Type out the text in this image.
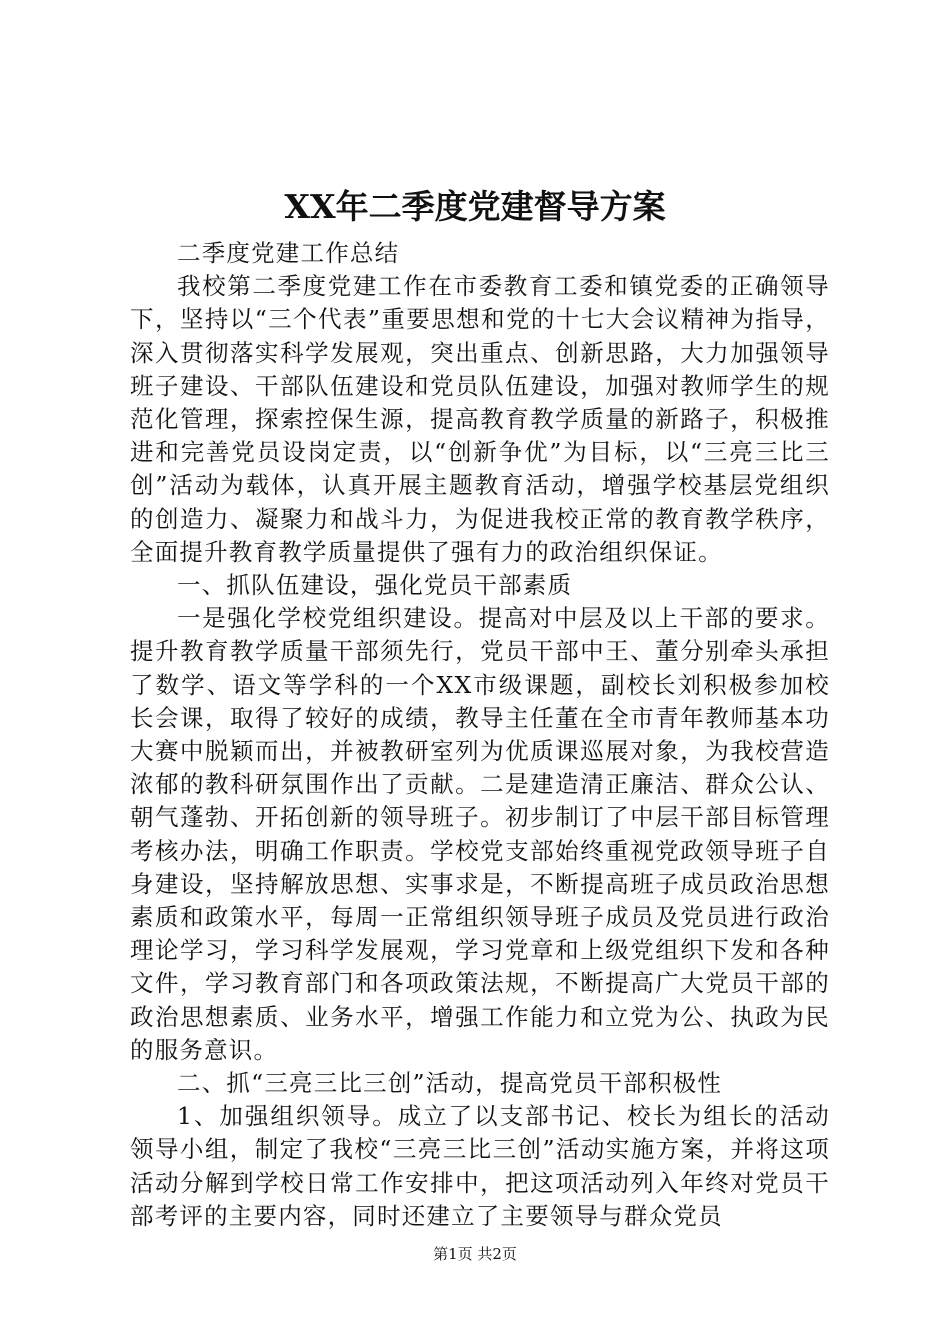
XX年二季度党建督导方案

二季度党建工作总结

我校第二季度党建工作在市委教育工委和镇党委的正确领导下，坚持以“三个代表”重要思想和党的十七大会议精神为指导，深入贯彻落实科学发展观，突出重点、创新思路，大力加强领导班子建设、干部队伍建设和党员队伍建设，加强对教师学生的规范化管理，探索控保生源，提高教育教学质量的新路子，积极推进和完善党员设岗定责，以“创新争优”为目标，以“三亮三比三创”活动为载体，认真开展主题教育活动，增强学校基层党组织的创造力、凝聚力和战斗力，为促进我校正常的教育教学秩序，全面提升教育教学质量提供了强有力的政治组织保证。

一、抓队伍建设，强化党员干部素质

一是强化学校党组织建设。提高对中层及以上干部的要求。提升教育教学质量干部须先行，党员干部中王、董分别牵头承担了数学、语文等学科的一个XX市级课题，副校长刘积极参加校长会课，取得了较好的成绩，教导主任董在全市青年教师基本功大赛中脱颖而出，并被教研室列为优质课巡展对象，为我校营造浓郁的教科研氛围作出了贡献。二是建造清正廉洁、群众公认、朝气蓬勃、开拓创新的领导班子。初步制订了中层干部目标管理考核办法，明确工作职责。学校党支部始终重视党政领导班子自身建设，坚持解放思想、实事求是，不断提高班子成员政治思想素质和政策水平，每周一正常组织领导班子成员及党员进行政治理论学习，学习科学发展观，学习党章和上级党组织下发和各种文件，学习教育部门和各项政策法规，不断提高广大党员干部的政治思想素质、业务水平，增强工作能力和立党为公、执政为民的服务意识。

二、抓“三亮三比三创”活动，提高党员干部积极性

1、加强组织领导。成立了以支部书记、校长为组长的活动领导小组，制定了我校“三亮三比三创”活动实施方案，并将这项活动分解到学校日常工作安排中，把这项活动列入年终对党员干部考评的主要内容，同时还建立了主要领导与群众党员

第1页 共2页
